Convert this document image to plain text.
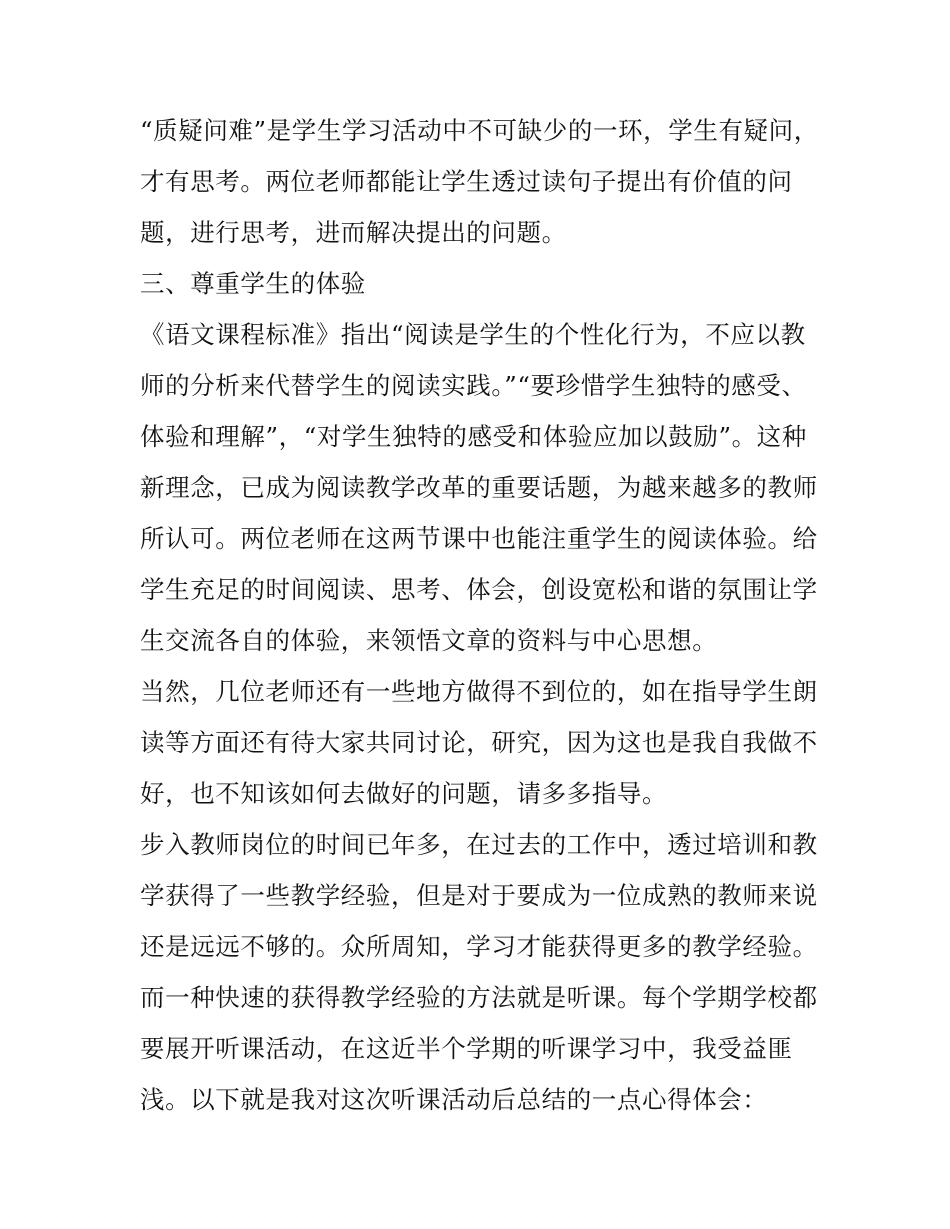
“质疑问难”是学生学习活动中不可缺少的一环，学生有疑问，
才有思考。两位老师都能让学生透过读句子提出有价值的问
题，进行思考，进而解决提出的问题。
三、尊重学生的体验
《语文课程标准》指出“阅读是学生的个性化行为，不应以教
师的分析来代替学生的阅读实践。”“要珍惜学生独特的感受、
体验和理解”，“对学生独特的感受和体验应加以鼓励”。这种
新理念，已成为阅读教学改革的重要话题，为越来越多的教师
所认可。两位老师在这两节课中也能注重学生的阅读体验。给
学生充足的时间阅读、思考、体会，创设宽松和谐的氛围让学
生交流各自的体验，来领悟文章的资料与中心思想。
当然，几位老师还有一些地方做得不到位的，如在指导学生朗
读等方面还有待大家共同讨论，研究，因为这也是我自我做不
好，也不知该如何去做好的问题，请多多指导。
步入教师岗位的时间已年多，在过去的工作中，透过培训和教
学获得了一些教学经验，但是对于要成为一位成熟的教师来说
还是远远不够的。众所周知，学习才能获得更多的教学经验。
而一种快速的获得教学经验的方法就是听课。每个学期学校都
要展开听课活动，在这近半个学期的听课学习中，我受益匪
浅。以下就是我对这次听课活动后总结的一点心得体会：
